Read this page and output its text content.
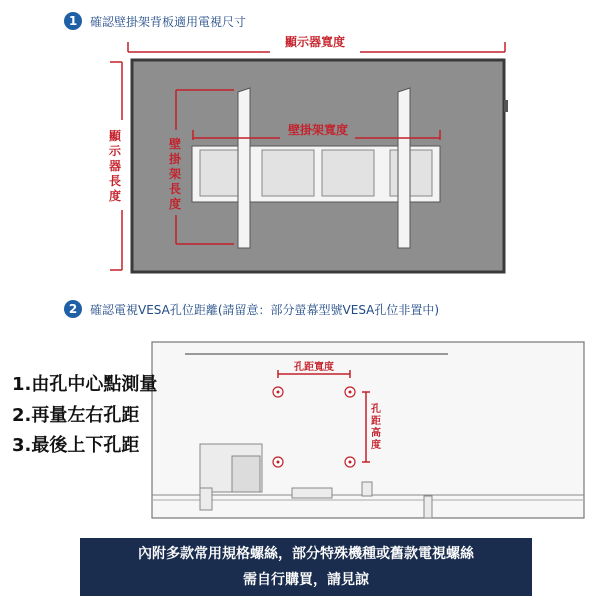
1	確認壁掛架背板適用電視尺寸
顯示器寬度
顯
示
器
長
度
壁掛架寬度
壁
掛
架
長
度
孔距寬度
孔
距
高
度
2	確認電視VESA孔位距離(請留意：部分螢幕型號VESA孔位非置中)
1.由孔中心點測量
2.再量左右孔距
3.最後上下孔距
內附多款常用規格螺絲，部分特殊機種或舊款電視螺絲
需自行購買，請見諒
